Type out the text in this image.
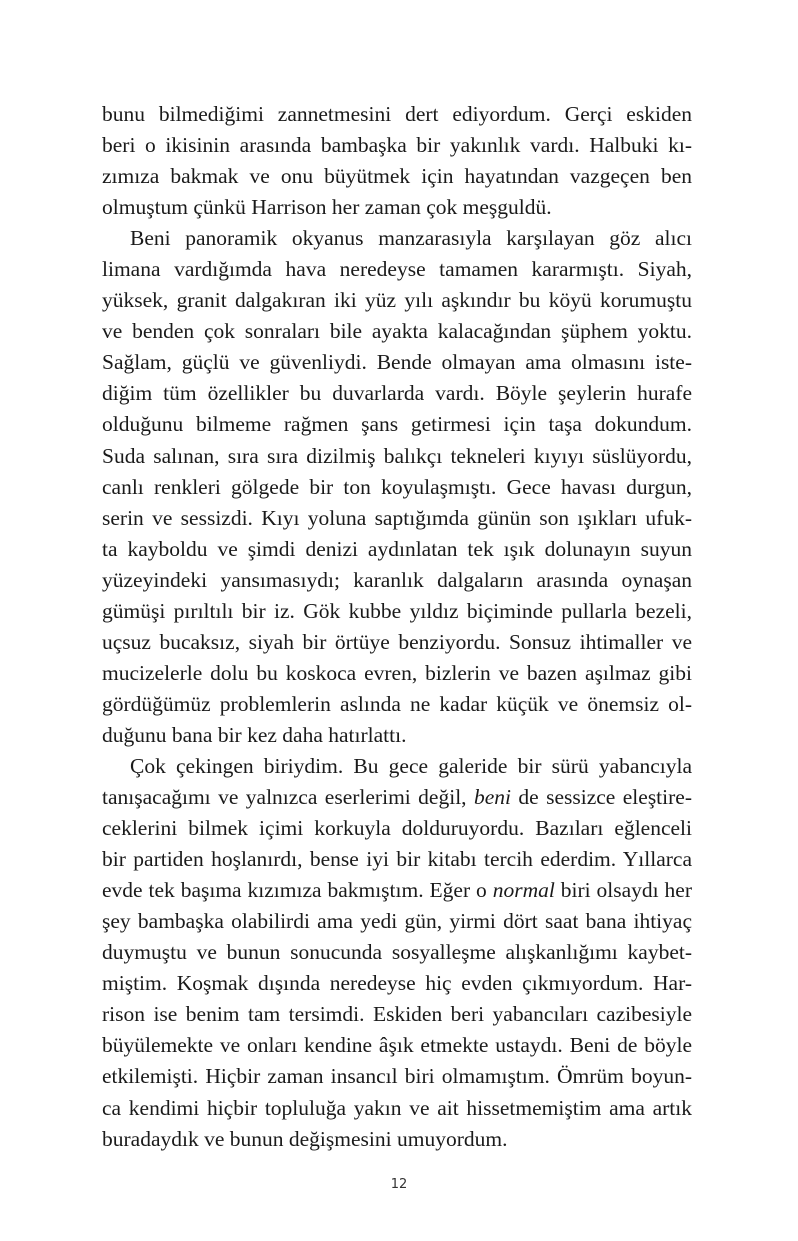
bunu bilmediğimi zannetmesini dert ediyordum. Gerçi eskiden
beri o ikisinin arasında bambaşka bir yakınlık vardı. Halbuki kı-
zımıza bakmak ve onu büyütmek için hayatından vazgeçen ben
olmuştum çünkü Harrison her zaman çok meşguldü.
Beni panoramik okyanus manzarasıyla karşılayan göz alıcı
limana vardığımda hava neredeyse tamamen kararmıştı. Siyah,
yüksek, granit dalgakıran iki yüz yılı aşkındır bu köyü korumuştu
ve benden çok sonraları bile ayakta kalacağından şüphem yoktu.
Sağlam, güçlü ve güvenliydi. Bende olmayan ama olmasını iste-
diğim tüm özellikler bu duvarlarda vardı. Böyle şeylerin hurafe
olduğunu bilmeme rağmen şans getirmesi için taşa dokundum.
Suda salınan, sıra sıra dizilmiş balıkçı tekneleri kıyıyı süslüyordu,
canlı renkleri gölgede bir ton koyulaşmıştı. Gece havası durgun,
serin ve sessizdi. Kıyı yoluna saptığımda günün son ışıkları ufuk-
ta kayboldu ve şimdi denizi aydınlatan tek ışık dolunayın suyun
yüzeyindeki yansımasıydı; karanlık dalgaların arasında oynaşan
gümüşi pırıltılı bir iz. Gök kubbe yıldız biçiminde pullarla bezeli,
uçsuz bucaksız, siyah bir örtüye benziyordu. Sonsuz ihtimaller ve
mucizelerle dolu bu koskoca evren, bizlerin ve bazen aşılmaz gibi
gördüğümüz problemlerin aslında ne kadar küçük ve önemsiz ol-
duğunu bana bir kez daha hatırlattı.
Çok çekingen biriydim. Bu gece galeride bir sürü yabancıyla
tanışacağımı ve yalnızca eserlerimi değil, beni de sessizce eleştire-
ceklerini bilmek içimi korkuyla dolduruyordu. Bazıları eğlenceli
bir partiden hoşlanırdı, bense iyi bir kitabı tercih ederdim. Yıllarca
evde tek başıma kızımıza bakmıştım. Eğer o normal biri olsaydı her
şey bambaşka olabilirdi ama yedi gün, yirmi dört saat bana ihtiyaç
duymuştu ve bunun sonucunda sosyalleşme alışkanlığımı kaybet-
miştim. Koşmak dışında neredeyse hiç evden çıkmıyordum. Har-
rison ise benim tam tersimdi. Eskiden beri yabancıları cazibesiyle
büyülemekte ve onları kendine âşık etmekte ustaydı. Beni de böyle
etkilemişti. Hiçbir zaman insancıl biri olmamıştım. Ömrüm boyun-
ca kendimi hiçbir topluluğa yakın ve ait hissetmemiştim ama artık
buradaydık ve bunun değişmesini umuyordum.
12
